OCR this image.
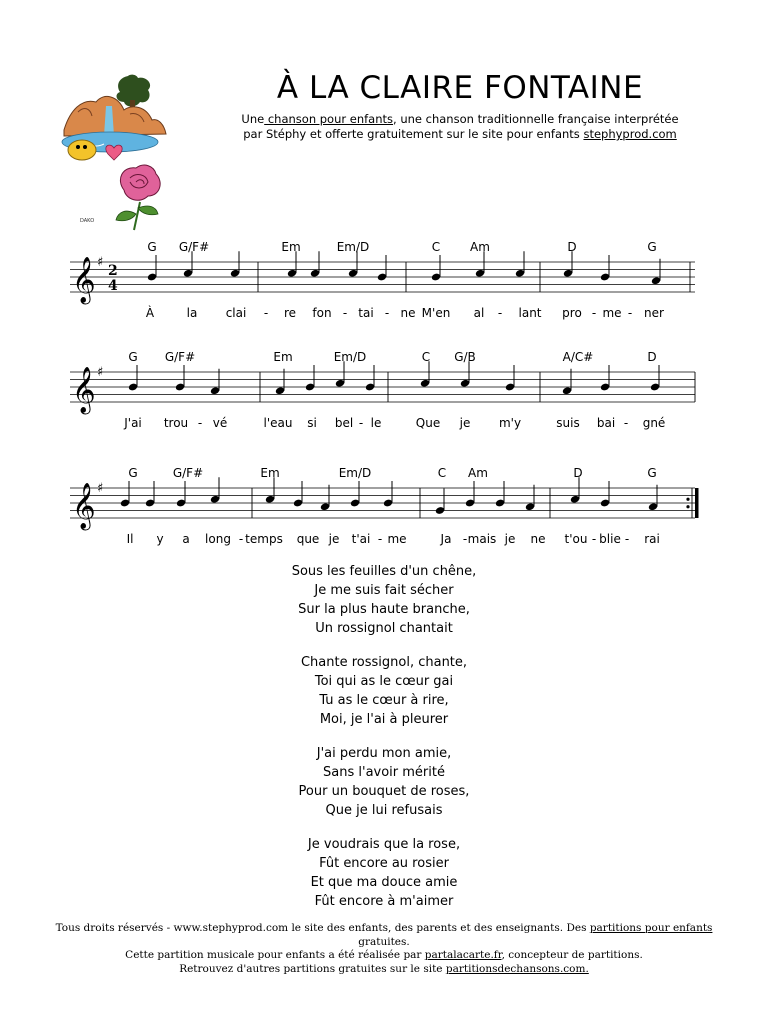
DAKO
À LA CLAIRE FONTAINE
Une chanson pour enfants, une chanson traditionnelle française interprétée
par Stéphy et offerte gratuitement sur le site pour enfants stephyprod.com
G G/F#	Em	Em/D	C Am	D	G
𝄞 ♯
2
4
À	la clai - re fon - tai - ne M'en al - lant pro - me - ner
G G/F#	Em	Em/D	C G/B	A/C#	D
𝄞 ♯
J'ai trou - vé	l'eau si bel - le	Que je m'y	suis bai - gné
G	G/F#	Em	Em/D	C Am	D	G
𝄞 ♯
Il y a long - temps que je t'ai - me	Ja - mais je ne t'ou - blie - rai
Sous les feuilles d'un chêne,
Je me suis fait sécher
Sur la plus haute branche,
Un rossignol chantait
Chante rossignol, chante,
Toi qui as le cœur gai
Tu as le cœur à rire,
Moi, je l'ai à pleurer
J'ai perdu mon amie,
Sans l'avoir mérité
Pour un bouquet de roses,
Que je lui refusais
Je voudrais que la rose,
Fût encore au rosier
Et que ma douce amie
Fût encore à m'aimer
Tous droits réservés - www.stephyprod.com le site des enfants, des parents et des enseignants. Des partitions pour enfants gratuites.
Cette partition musicale pour enfants a été réalisée par partalacarte.fr, concepteur de partitions.
Retrouvez d'autres partitions gratuites sur le site partitionsdechansons.com.
